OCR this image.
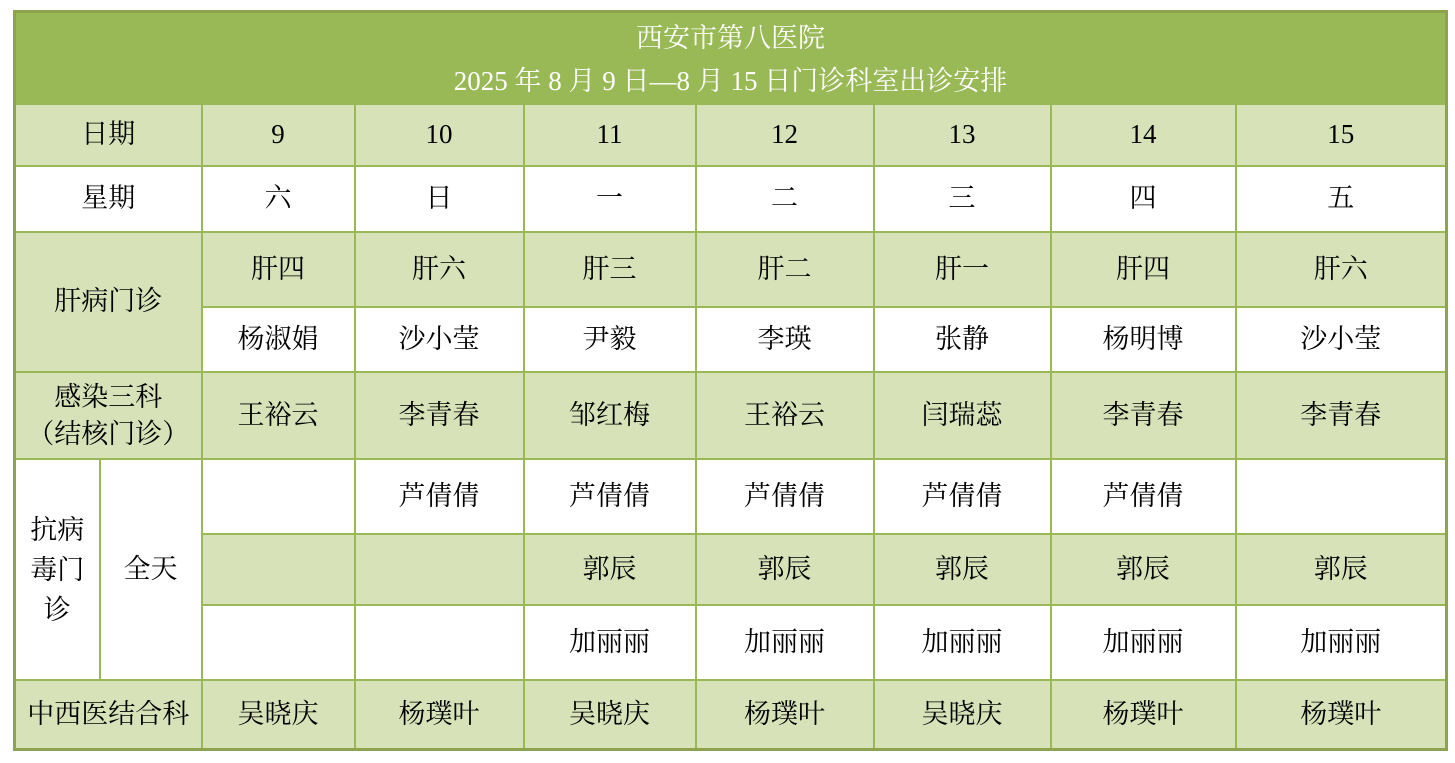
西安市第八医院
2025 年 8 月 9 日—8 月 15 日门诊科室出诊安排								

日期		9	10	11	12	13	14	15
星期		六	日	一	二	三	四	五
肝病门诊		肝四	肝六	肝三	肝二	肝一	肝四	肝六
		杨淑娟	沙小莹	尹毅	李瑛	张静	杨明博	沙小莹

感染三科
（结核门诊）		王裕云	李青春	邹红梅	王裕云	闫瑞蕊	李青春	李青春
抗病毒门诊	全天		芦倩倩	芦倩倩	芦倩倩	芦倩倩	芦倩倩	
				郭辰	郭辰	郭辰	郭辰	郭辰
				加丽丽	加丽丽	加丽丽	加丽丽	加丽丽
中西医结合科		吴晓庆	杨璞叶	吴晓庆	杨璞叶	吴晓庆	杨璞叶	杨璞叶
